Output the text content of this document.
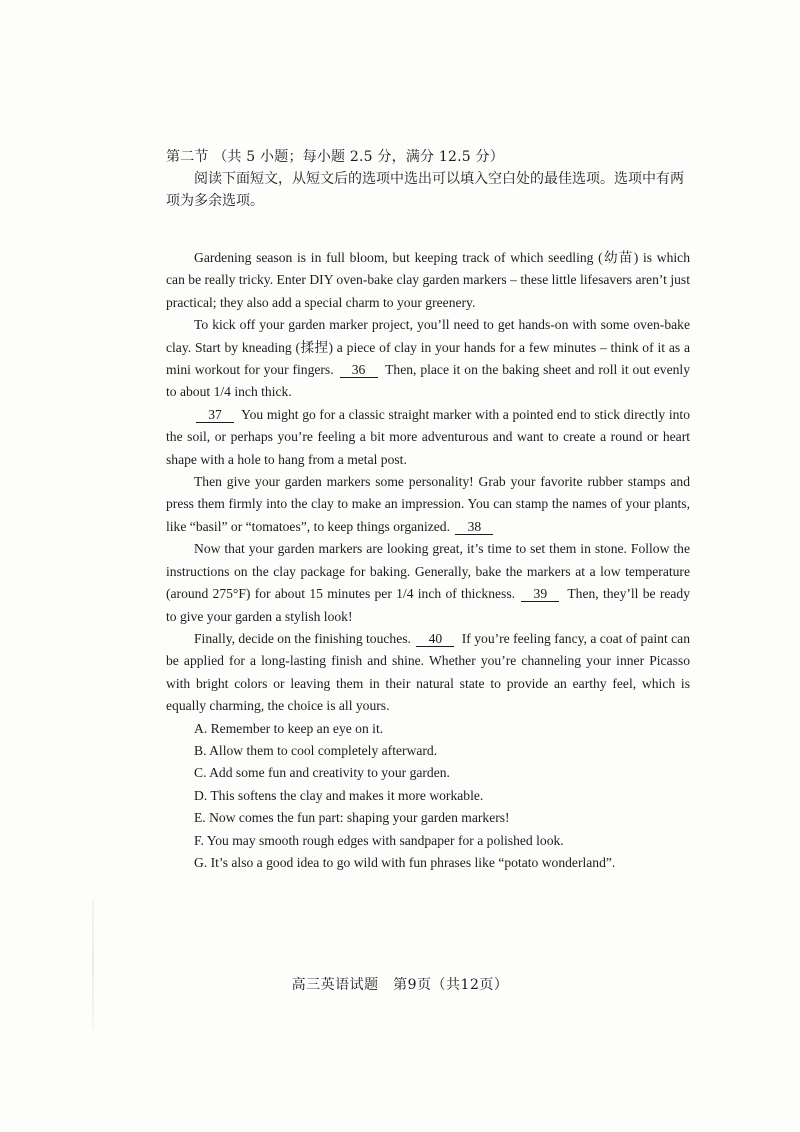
第二节 （共 5 小题；每小题 2.5 分，满分 12.5 分）

阅读下面短文，从短文后的选项中选出可以填入空白处的最佳选项。选项中有两项为多余选项。

Gardening season is in full bloom, but keeping track of which seedling (幼苗) is which can be really tricky. Enter DIY oven-bake clay garden markers – these little lifesavers aren’t just practical; they also add a special charm to your greenery.

To kick off your garden marker project, you’ll need to get hands-on with some oven-bake clay. Start by kneading (揉捏) a piece of clay in your hands for a few minutes – think of it as a mini workout for your fingers. 36 Then, place it on the baking sheet and roll it out evenly to about 1/4 inch thick.

37 You might go for a classic straight marker with a pointed end to stick directly into the soil, or perhaps you’re feeling a bit more adventurous and want to create a round or heart shape with a hole to hang from a metal post.

Then give your garden markers some personality! Grab your favorite rubber stamps and press them firmly into the clay to make an impression. You can stamp the names of your plants, like “basil” or “tomatoes”, to keep things organized. 38

Now that your garden markers are looking great, it’s time to set them in stone. Follow the instructions on the clay package for baking. Generally, bake the markers at a low temperature (around 275°F) for about 15 minutes per 1/4 inch of thickness. 39 Then, they’ll be ready to give your garden a stylish look!

Finally, decide on the finishing touches. 40 If you’re feeling fancy, a coat of paint can be applied for a long-lasting finish and shine. Whether you’re channeling your inner Picasso with bright colors or leaving them in their natural state to provide an earthy feel, which is equally charming, the choice is all yours.

A. Remember to keep an eye on it.
B. Allow them to cool completely afterward.
C. Add some fun and creativity to your garden.
D. This softens the clay and makes it more workable.
E. Now comes the fun part: shaping your garden markers!
F. You may smooth rough edges with sandpaper for a polished look.
G. It’s also a good idea to go wild with fun phrases like “potato wonderland”.
高三英语试题　第9页（共12页）
